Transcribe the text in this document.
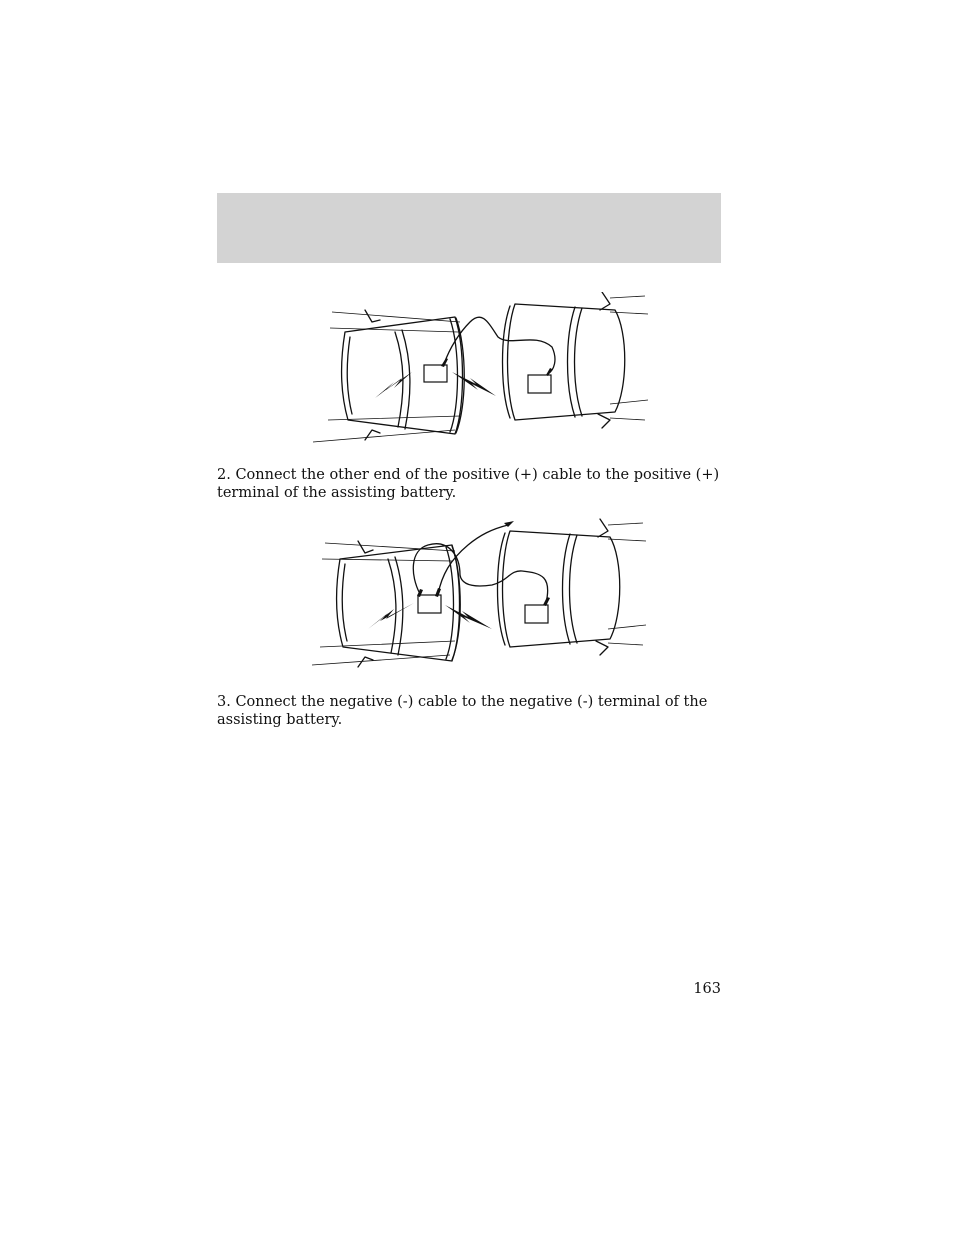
2. Connect the other end of the positive (+) cable to the positive (+) terminal of the assisting battery.

3. Connect the negative (-) cable to the negative (-) terminal of the assisting battery.

163
